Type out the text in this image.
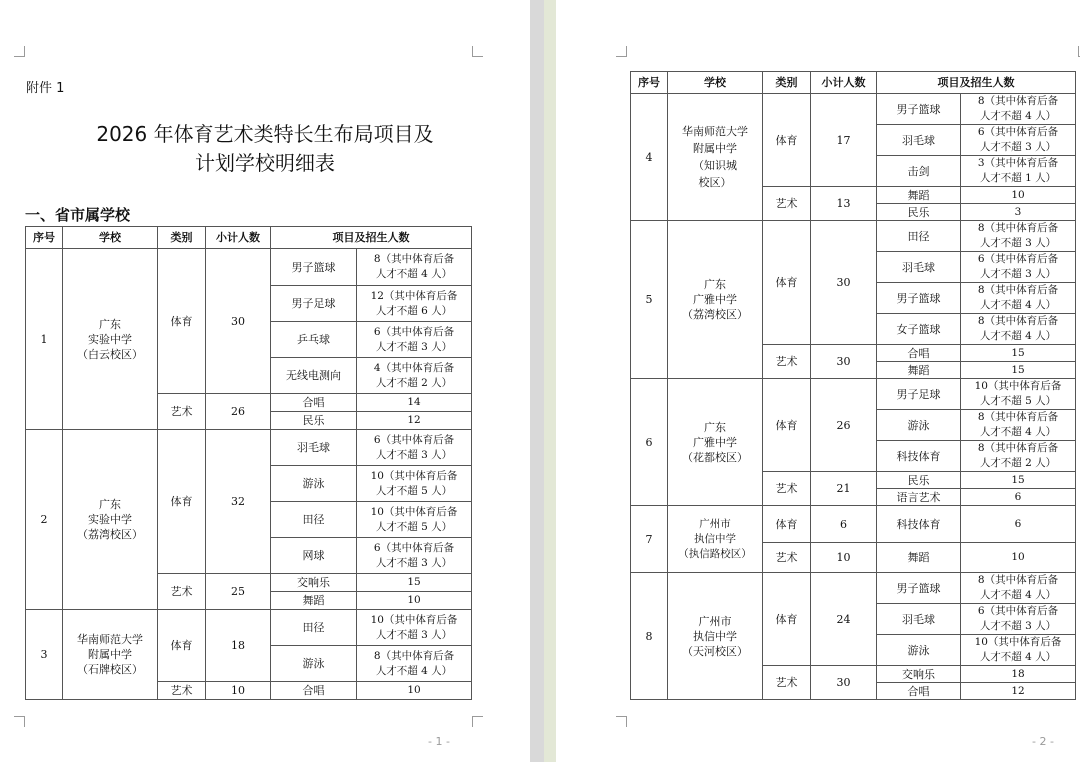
附件 1
2026 年体育艺术类特长生布局项目及
计划学校明细表
一、省市属学校
序号	学校	类别	小计人数	项目及招生人数	
1	广东
实验中学
（白云校区）	体育	30	男子篮球	8（其中体育后备
人才不超 4 人）
				男子足球	12（其中体育后备
人才不超 6 人）
				乒乓球	6（其中体育后备
人才不超 3 人）
				无线电测向	4（其中体育后备
人才不超 2 人）
		艺术	26	合唱	14
				民乐	12
2	广东
实验中学
（荔湾校区）	体育	32	羽毛球	6（其中体育后备
人才不超 3 人）
				游泳	10（其中体育后备
人才不超 5 人）
				田径	10（其中体育后备
人才不超 5 人）
				网球	6（其中体育后备
人才不超 3 人）
		艺术	25	交响乐	15
				舞蹈	10
3	华南师范大学
附属中学
（石牌校区）	体育	18	田径	10（其中体育后备
人才不超 3 人）
				游泳	8（其中体育后备
人才不超 4 人）
		艺术	10	合唱	10
- 1 -
序号	学校	类别	小计人数	项目及招生人数	
4	华南师范大学
附属中学
（知识城
校区）	体育	17	男子篮球	8（其中体育后备
人才不超 4 人）
				羽毛球	6（其中体育后备
人才不超 3 人）
				击剑	3（其中体育后备
人才不超 1 人）
		艺术	13	舞蹈	10
				民乐	3
5	广东
广雅中学
（荔湾校区）	体育	30	田径	8（其中体育后备
人才不超 3 人）
				羽毛球	6（其中体育后备
人才不超 3 人）
				男子篮球	8（其中体育后备
人才不超 4 人）
				女子篮球	8（其中体育后备
人才不超 4 人）
		艺术	30	合唱	15
				舞蹈	15
6	广东
广雅中学
（花都校区）	体育	26	男子足球	10（其中体育后备
人才不超 5 人）
				游泳	8（其中体育后备
人才不超 4 人）
				科技体育	8（其中体育后备
人才不超 2 人）
		艺术	21	民乐	15
				语言艺术	6
7	广州市
执信中学
（执信路校区）	体育	6	科技体育	6
		艺术	10	舞蹈	10
8	广州市
执信中学
（天河校区）	体育	24	男子篮球	8（其中体育后备
人才不超 4 人）
				羽毛球	6（其中体育后备
人才不超 3 人）
				游泳	10（其中体育后备
人才不超 4 人）
		艺术	30	交响乐	18
				合唱	12
- 2 -
